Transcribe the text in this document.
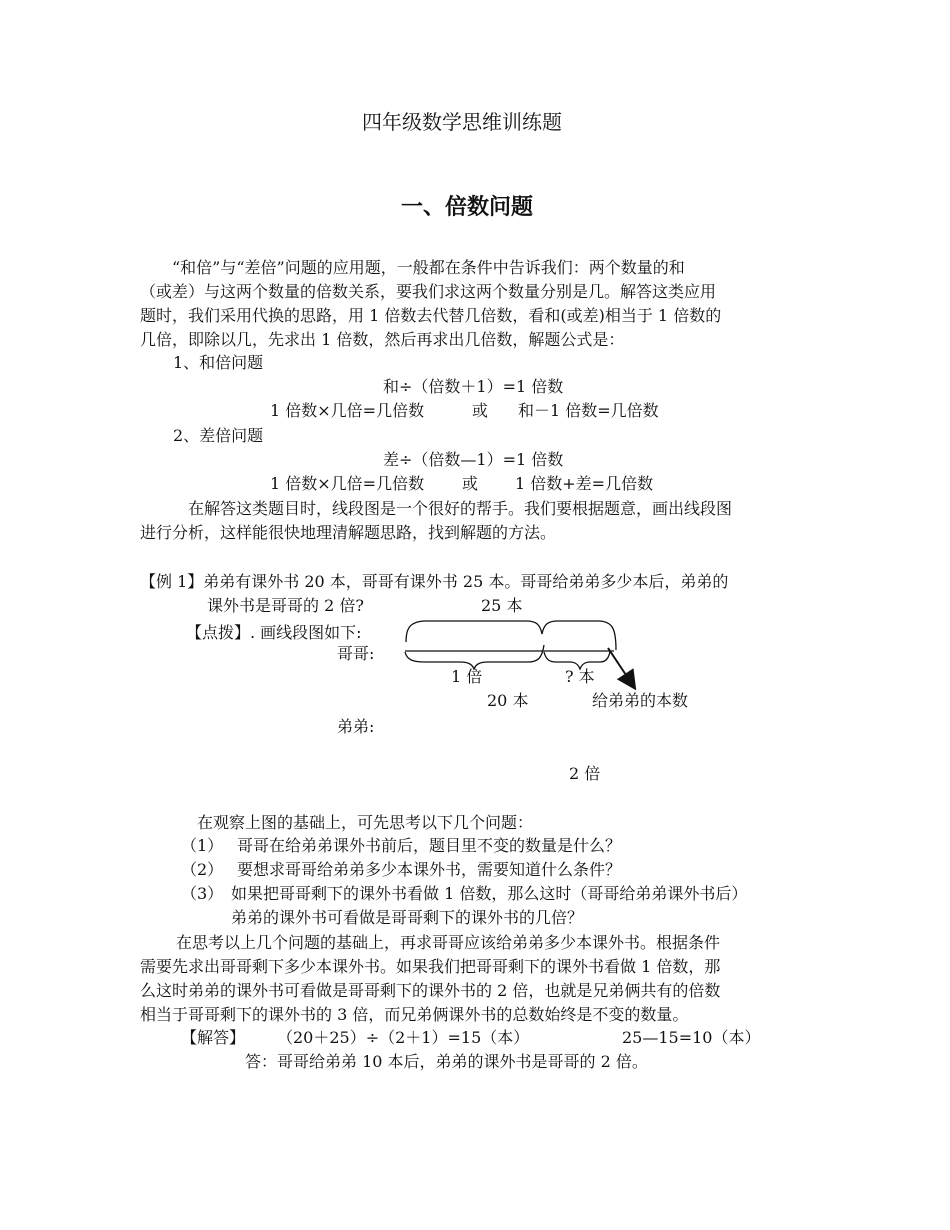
四年级数学思维训练题
一、倍数问题
“和倍”与“差倍”问题的应用题，一般都在条件中告诉我们：两个数量的和
（或差）与这两个数量的倍数关系，要我们求这两个数量分别是几。解答这类应用
题时，我们采用代换的思路，用 1 倍数去代替几倍数，看和(或差)相当于 1 倍数的
几倍，即除以几，先求出 1 倍数，然后再求出几倍数，解题公式是：
1、和倍问题
和÷（倍数＋1）=1 倍数
1 倍数×几倍=几倍数	或 和－1 倍数=几倍数
2、差倍问题
差÷（倍数—1）=1 倍数
1 倍数×几倍=几倍数 或 1 倍数+差=几倍数
在解答这类题目时，线段图是一个很好的帮手。我们要根据题意，画出线段图
进行分析，这样能很快地理清解题思路，找到解题的方法。
【例 1】弟弟有课外书 20 本，哥哥有课外书 25 本。哥哥给弟弟多少本后，弟弟的
课外书是哥哥的 2 倍?
【点拨】. 画线段图如下:
25 本
哥哥:
1 倍	? 本
20 本	给弟弟的本数
弟弟:
2 倍
在观察上图的基础上，可先思考以下几个问题：
（1） 哥哥在给弟弟课外书前后，题目里不变的数量是什么？
（2） 要想求哥哥给弟弟多少本课外书，需要知道什么条件？
（3） 如果把哥哥剩下的课外书看做 1 倍数，那么这时（哥哥给弟弟课外书后）
弟弟的课外书可看做是哥哥剩下的课外书的几倍？
在思考以上几个问题的基础上，再求哥哥应该给弟弟多少本课外书。根据条件
需要先求出哥哥剩下多少本课外书。如果我们把哥哥剩下的课外书看做 1 倍数，那
么这时弟弟的课外书可看做是哥哥剩下的课外书的 2 倍，也就是兄弟俩共有的倍数
相当于哥哥剩下的课外书的 3 倍，而兄弟俩课外书的总数始终是不变的数量。
【解答】 （20＋25）÷（2＋1）=15（本）	25—15=10（本）
答：哥哥给弟弟 10 本后，弟弟的课外书是哥哥的 2 倍。
